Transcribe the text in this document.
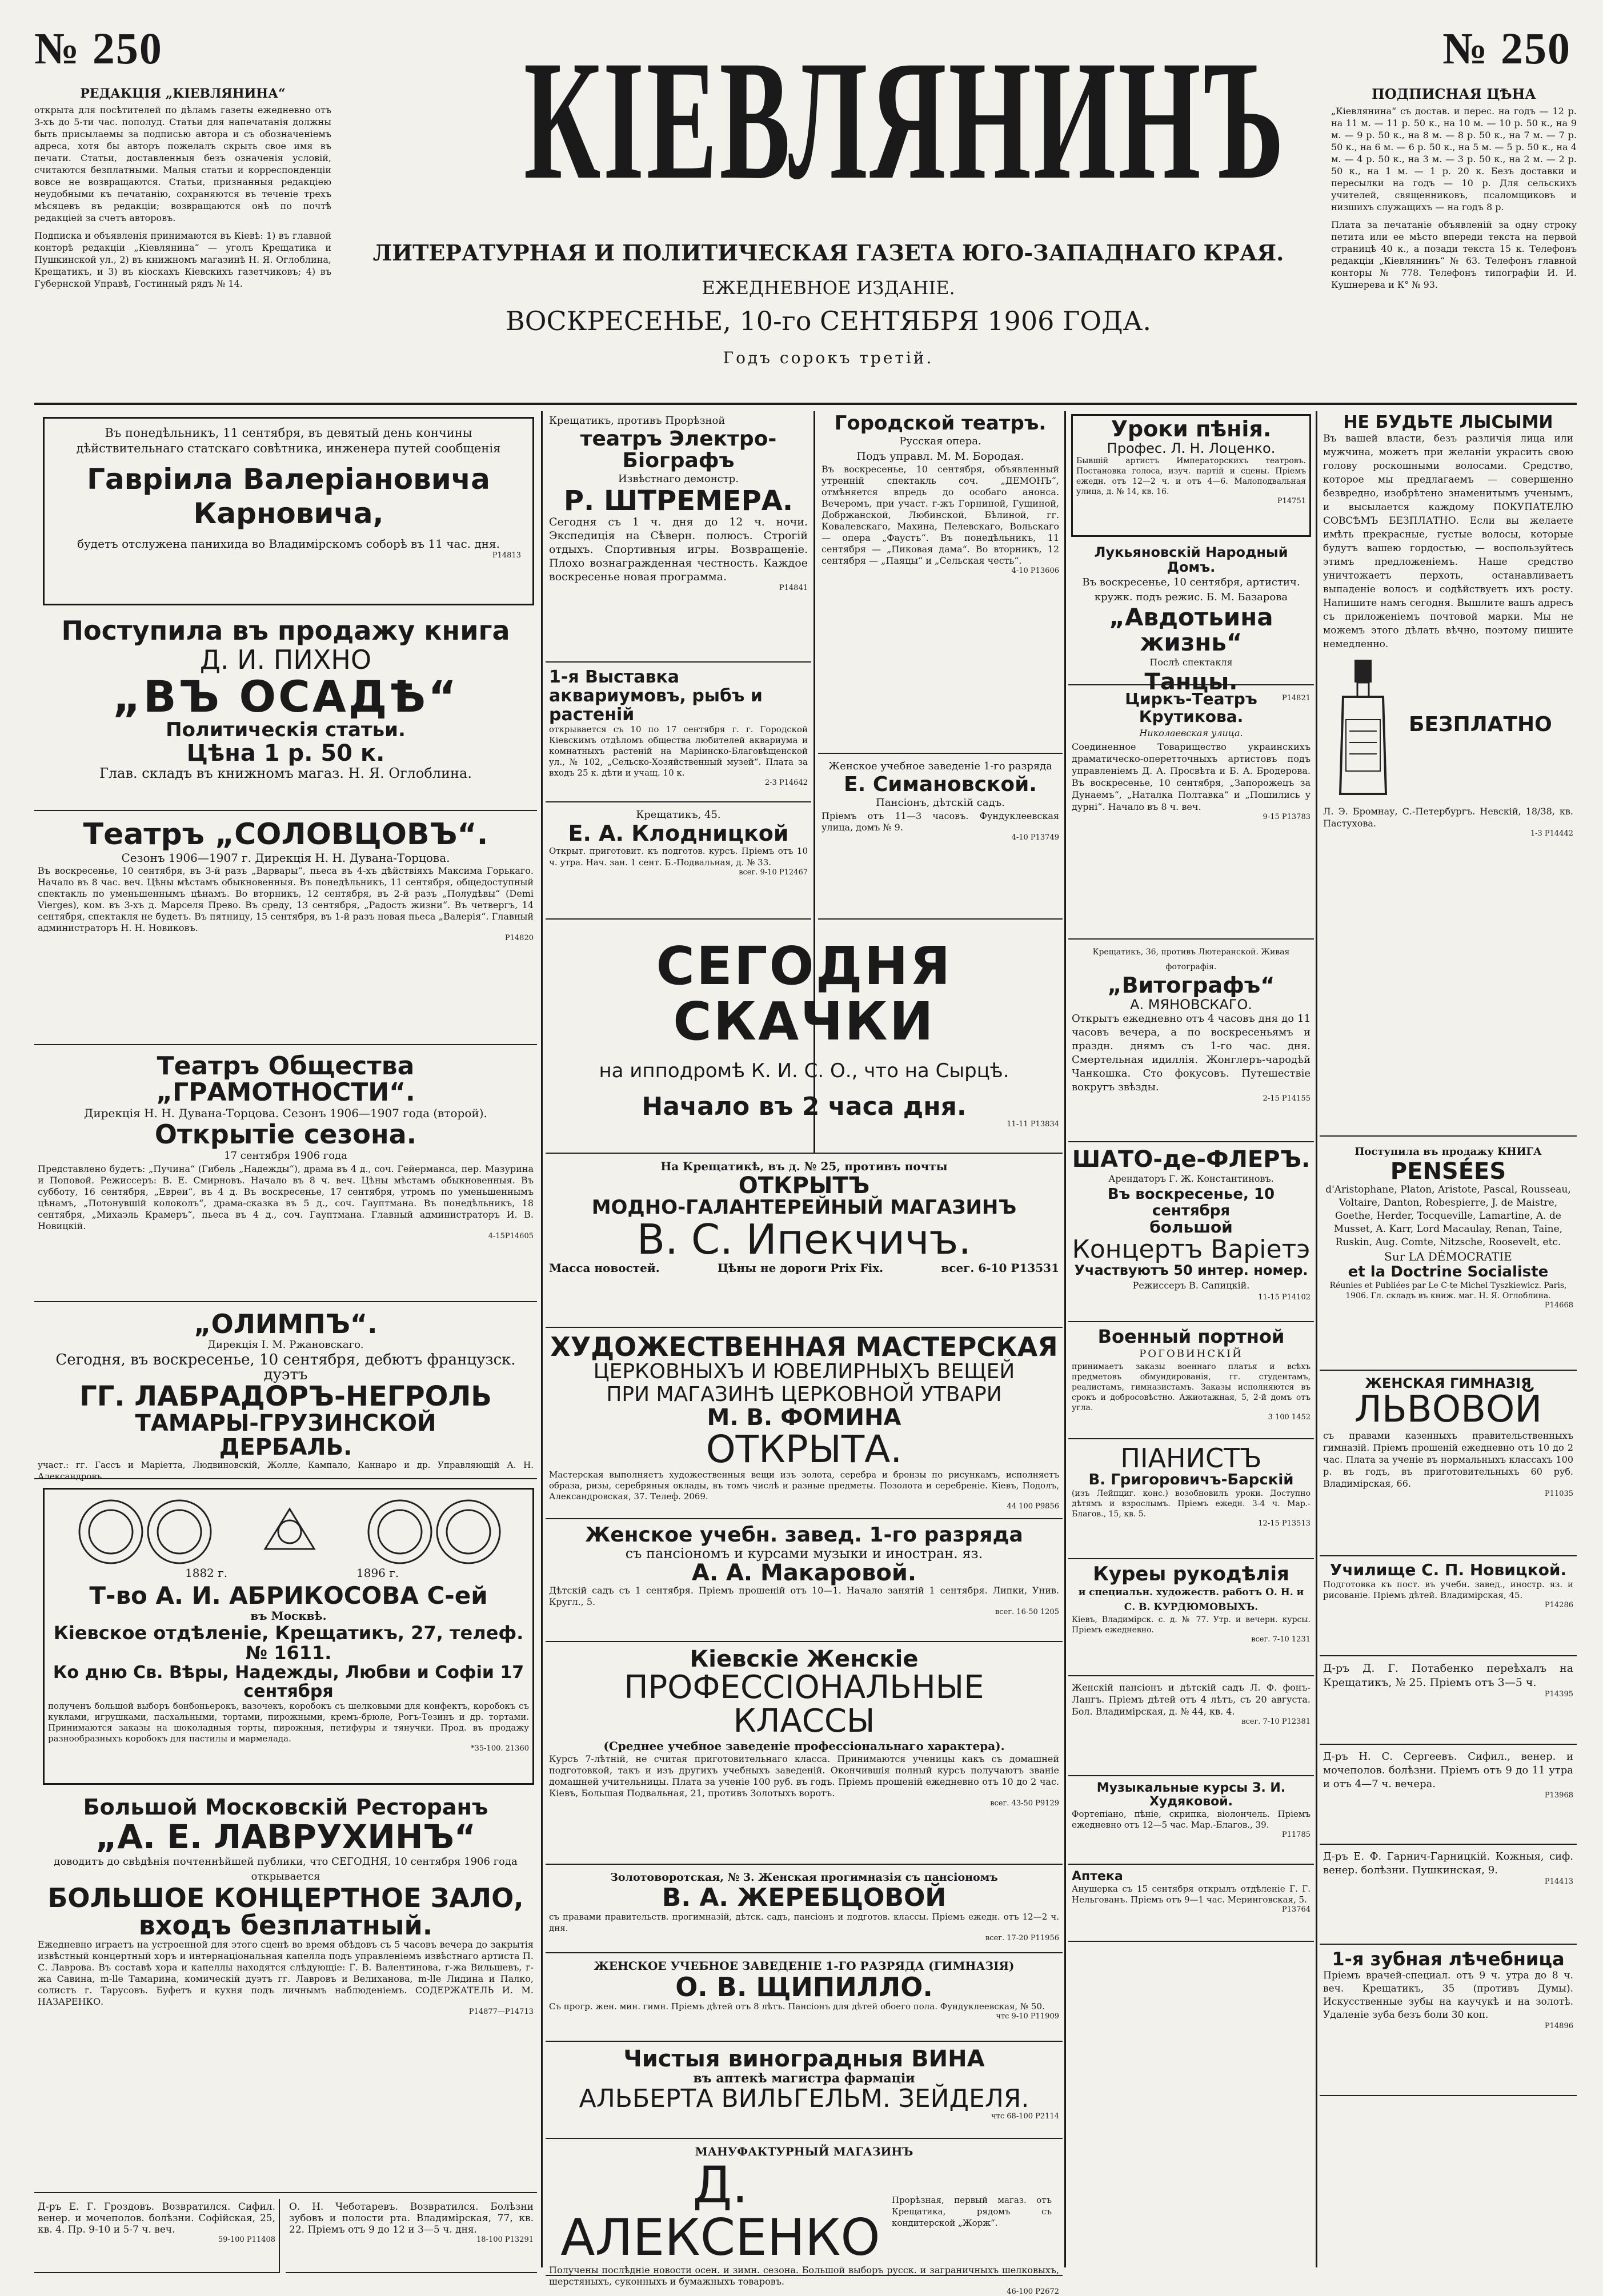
№ 250	№ 250
РЕДАКЦIЯ „КIЕВЛЯНИНА“
открыта для посѣтителей по дѣламъ газеты ежедневно отъ 3-хъ до 5-ти час. пополуд. Статьи для напечатанія должны быть присылаемы за подписью автора и съ обозначеніемъ адреса, хотя бы авторъ пожелалъ скрыть свое имя въ печати. Статьи, доставленныя безъ означенія условій, считаются безплатными. Малыя статьи и корреспонденціи вовсе не возвращаются. Статьи, признанныя редакціею неудобными къ печатанію, сохраняются въ теченіе трехъ мѣсяцевъ въ редакціи; возвращаются онѣ по почтѣ редакціей за счетъ авторовъ.
Подписка и объявленія принимаются въ Кiевѣ: 1) въ главной конторѣ редакціи „Кiевлянина“ — уголъ Крещатика и Пушкинской ул., 2) въ книжномъ магазинѣ Н. Я. Оглоблина, Крещатикъ, и 3) въ кіоскахъ Кiевскихъ газетчиковъ; 4) въ Губернской Управѣ, Гостинный рядъ № 14.
КIЕВЛЯНИНЪ
ЛИТЕРАТУРНАЯ И ПОЛИТИЧЕСКАЯ ГАЗЕТА ЮГО-ЗАПАДНАГО КРАЯ.
ЕЖЕДНЕВНОЕ ИЗДАНIЕ.
ВОСКРЕСЕНЬЕ, 10-го СЕНТЯБРЯ 1906 ГОДА.
Годъ сорокъ третiй.
ПОДПИСНАЯ ЦѢНА
„Кiевлянина“ съ достав. и перес. на годъ — 12 р. на 11 м. — 11 р. 50 к., на 10 м. — 10 р. 50 к., на 9 м. — 9 р. 50 к., на 8 м. — 8 р. 50 к., на 7 м. — 7 р. 50 к., на 6 м. — 6 р. 50 к., на 5 м. — 5 р. 50 к., на 4 м. — 4 р. 50 к., на 3 м. — 3 р. 50 к., на 2 м. — 2 р. 50 к., на 1 м. — 1 р. 20 к. Безъ доставки и пересылки на годъ — 10 р. Для сельскихъ учителей, священниковъ, псаломщиковъ и низшихъ служащихъ — на годъ 8 р.
Плата за печатаніе объявленій за одну строку петита или ее мѣсто впереди текста на первой страницѣ 40 к., а позади текста 15 к. Телефонъ редакціи „Кiевлянинъ“ № 63. Телефонъ главной конторы № 778. Телефонъ типографіи И. И. Кушнерева и К° № 93.
Въ понедѣльникъ, 11 сентября, въ девятый день кончины дѣйствительнаго статскаго совѣтника, инженера путей сообщенія
Гаврiила Валерiановича Карновича,
будетъ отслужена панихида во Владимірскомъ соборѣ въ 11 час. дня.
Р14813
Поступила въ продажу книга
Д. И. ПИХНО
„ВЪ ОСАДѢ“
Политическія статьи.
Цѣна 1 р. 50 к.
Глав. складъ въ книжномъ магаз. Н. Я. Оглоблина.
Театръ „СОЛОВЦОВЪ“.
Сезонъ 1906—1907 г. Дирекція Н. Н. Дувана-Торцова.
Въ воскресенье, 10 сентября, въ 3-й разъ „Варвары“, пьеса въ 4-хъ дѣйствіяхъ Максима Горькаго. Начало въ 8 час. веч. Цѣны мѣстамъ обыкновенныя. Въ понедѣльникъ, 11 сентября, общедоступный спектакль по уменьшеннымъ цѣнамъ. Во вторникъ, 12 сентября, въ 2-й разъ „Полудѣвы“ (Demi Vierges), ком. въ 3-хъ д. Марселя Прево. Въ среду, 13 сентября, „Радость жизни“. Въ четвергъ, 14 сентября, спектакля не будетъ. Въ пятницу, 15 сентября, въ 1-й разъ новая пьеса „Валерія“. Главный администраторъ Н. Н. Новиковъ.
Р14820
Театръ Общества „ГРАМОТНОСТИ“.
Дирекція Н. Н. Дувана-Торцова. Сезонъ 1906—1907 года (второй).
Открытiе сезона.
17 сентября 1906 года
Представлено будетъ: „Пучина“ (Гибель „Надежды“), драма въ 4 д., соч. Гейерманса, пер. Мазурина и Поповой. Режиссеръ: В. Е. Смирновъ. Начало въ 8 ч. веч. Цѣны мѣстамъ обыкновенныя. Въ субботу, 16 сентября, „Евреи“, въ 4 д. Въ воскресенье, 17 сентября, утромъ по уменьшеннымъ цѣнамъ, „Потонувшій колоколъ“, драма-сказка въ 5 д., соч. Гауптмана. Въ понедѣльникъ, 18 сентября, „Михаэль Крамеръ“, пьеса въ 4 д., соч. Гауптмана. Главный администраторъ И. В. Новицкій.
4-15Р14605
„ОЛИМПЪ“.
Дирекція І. М. Ржановскаго.
Сегодня, въ воскресенье, 10 сентября, дебютъ французск. дуэтъ
ГГ. ЛАБРАДОРЪ-НЕГРОЛЬ
ТАМАРЫ-ГРУЗИНСКОЙ
ДЕРБАЛЬ.
участ.: гг. Гассъ и Маріетта, Людвиновскій, Жолле, Кампало, Каннаро и др. Управляющій А. Н. Александровъ.
1882 г.	1896 г.
Т-во А. И. АБРИКОСОВА С-ей
въ Москвѣ.
Кiевское отдѣленiе, Крещатикъ, 27, телеф. № 1611.
Ко дню Св. Вѣры, Надежды, Любви и Софiи 17 сентября
полученъ большой выборъ бонбоньерокъ, вазочекъ, коробокъ съ шелковыми для конфектъ, коробокъ съ куклами, игрушками, пасхальными, тортами, пирожными, кремъ-брюле, Рогъ-Тезинъ и др. тортами. Принимаются заказы на шоколадныя торты, пирожныя, петифуры и тянучки. Прод. въ продажу разнообразныхъ коробокъ для пастилы и мармелада.
*35-100. 21360
Большой Московскiй Ресторанъ
„А. Е. ЛАВРУХИНЪ“
доводитъ до свѣдѣнія почтеннѣйшей публики, что СЕГОДНЯ, 10 сентября 1906 года открывается
БОЛЬШОЕ КОНЦЕРТНОЕ ЗАЛО,
входъ безплатный.
Ежедневно играетъ на устроенной для этого сценѣ во время обѣдовъ съ 5 часовъ вечера до закрытія извѣстный концертный хоръ и интернаціональная капелла подъ управленіемъ извѣстнаго артиста П. С. Лаврова. Въ составѣ хора и капеллы находятся слѣдующіе: Г. В. Валентинова, г-жа Вильшевъ, г-жа Савина, m-lle Тамарина, комическій дуэтъ гг. Лавровъ и Велиханова, m-lle Лидина и Палко, солистъ г. Тарусовъ. Буфетъ и кухня подъ личнымъ наблюденіемъ. СОДЕРЖАТЕЛЬ И. М. НАЗАРЕНКО.
Р14877—Р14713
Д-ръ Е. Г. Гроздовъ. Возвратился. Сифил. венер. и мочеполов. болѣзни. Софійская, 25, кв. 4. Пр. 9-10 и 5-7 ч. веч.
59-100 Р11408
О. Н. Чеботаревъ. Возвратился. Болѣзни зубовъ и полости рта. Владимірская, 77, кв. 22. Пріемъ отъ 9 до 12 и 3—5 ч. дня.
18-100 Р13291
Крещатикъ, противъ Прорѣзной
театръ Электро-Бiографъ
Извѣстнаго демонстр.
Р. ШТРЕМЕРА.
Сегодня съ 1 ч. дня до 12 ч. ночи. Экспедиція на Сѣверн. полюсъ. Строгій отдыхъ. Спортивныя игры. Возвращеніе. Плохо вознагражденная честность. Каждое воскресенье новая программа.
Р14841
1-я Выставка аквариумовъ, рыбъ и растенiй
открывается съ 10 по 17 сентября г. г. Городской Кiевскимъ отдѣломъ общества любителей аквариума и комнатныхъ растеній на Маріинско-Благовѣщенской ул., № 102, „Сельско-Хозяйственный музей“. Плата за входъ 25 к. дѣти и учащ. 10 к.
2-3 Р14642
Крещатикъ, 45.
Е. А. Клодницкой
Открыт. приготовит. къ подготов. курсъ. Пріемъ отъ 10 ч. утра. Нач. зан. 1 сент. Б.-Подвальная, д. № 33.
всег. 9-10 Р12467
Городской театръ.
Русская опера.
Подъ управл. М. М. Бородая.
Въ воскресенье, 10 сентября, объявленный утренній спектакль соч. „ДЕМОНЪ“, отмѣняется впредь до особаго анонса. Вечеромъ, при участ. г-жъ Горниной, Гущиной, Добржанской, Любинской, Бѣлиной, гг. Ковалевскаго, Махина, Пелевскаго, Вольскаго — опера „Фаустъ“. Въ понедѣльникъ, 11 сентября — „Пиковая дама“. Во вторникъ, 12 сентября — „Паяцы“ и „Сельская честь“.
4-10 Р13606
Женское учебное заведенiе 1-го разряда
Е. Симановской.
Пансіонъ, дѣтскій садъ.
Пріемъ отъ 11—3 часовъ. Фундуклеевская улица, домъ № 9.
4-10 Р13749
СЕГОДНЯ СКАЧКИ
на ипподромѣ К. И. С. О., что на Сырцѣ.
Начало въ 2 часа дня.
11-11 Р13834
На Крещатикѣ, въ д. № 25, противъ почты
ОТКРЫТЪ
МОДНО-ГАЛАНТЕРЕЙНЫЙ МАГАЗИНЪ
В. С. Ипекчичъ.
Масса новостей.	Цѣны не дороги Prix Fix.	всег. 6-10 Р13531
ХУДОЖЕСТВЕННАЯ МАСТЕРСКАЯ
ЦЕРКОВНЫХЪ И ЮВЕЛИРНЫХЪ ВЕЩЕЙ
ПРИ МАГАЗИНѢ ЦЕРКОВНОЙ УТВАРИ
М. В. ФОМИНА
ОТКРЫТА.
Мастерская выполняетъ художественныя вещи изъ золота, серебра и бронзы по рисункамъ, исполняетъ образа, ризы, серебряныя оклады, въ томъ числѣ и разные предметы. Позолота и серебреніе. Кiевъ, Подолъ, Александровская, 37. Телеф. 2069.
44 100 Р9856
Женское учебн. завед. 1-го разряда
съ пансiономъ и курсами музыки и иностран. яз.
А. А. Макаровой.
Дѣтскій садъ съ 1 сентября. Пріемъ прошеній отъ 10—1. Начало занятій 1 сентября. Липки, Унив. Кругл., 5.
всег. 16-50 1205
Кiевскiе Женскiе
ПРОФЕССIОНАЛЬНЫЕ КЛАССЫ
(Среднее учебное заведенiе профессiональнаго характера).
Курсъ 7-лѣтній, не считая приготовительнаго класса. Принимаются ученицы какъ съ домашней подготовкой, такъ и изъ другихъ учебныхъ заведеній. Окончившія полный курсъ получаютъ званіе домашней учительницы. Плата за ученіе 100 руб. въ годъ. Пріемъ прошеній ежедневно отъ 10 до 2 час. Кiевъ, Большая Подвальная, 21, противъ Золотыхъ воротъ.
всег. 43-50 Р9129
Золотоворотская, № 3. Женская прогимназія съ пансіономъ
В. А. ЖЕРЕБЦОВОЙ
съ правами правительств. прогимназій, дѣтск. садъ, пансіонъ и подготов. классы. Пріемъ ежедн. отъ 12—2 ч. дня.
всег. 17-20 Р11956
ЖЕНСКОЕ УЧЕБНОЕ ЗАВЕДЕНIЕ 1-ГО РАЗРЯДА (ГИМНАЗIЯ)
О. В. ЩИПИЛЛО.
Съ прогр. жен. мин. гимн. Пріемъ дѣтей отъ 8 лѣтъ. Пансіонъ для дѣтей обоего пола. Фундуклеевская, № 50.
чтс 9-10 Р11909
Чистыя виноградныя ВИНА
въ аптекѣ магистра фармацiи
АЛЬБЕРТА ВИЛЬГЕЛЬМ. ЗЕЙДЕЛЯ.
чтс 68-100 Р2114
МАНУФАКТУРНЫЙ МАГАЗИНЪ
Д. АЛЕКСЕНКО
Прорѣзная, первый магаз. отъ Крещатика, рядомъ съ кондитерской „Жорж“.
Получены послѣдніе новости осен. и зимн. сезона. Большой выборъ русск. и заграничныхъ шелковыхъ, шерстяныхъ, суконныхъ и бумажныхъ товаровъ.
46-100 Р2672
Уроки пѣнiя.
Профес. Л. Н. Лоценко.
Бывшій артистъ Императорскихъ театровъ. Постановка голоса, изуч. партій и сцены. Пріемъ ежедн. отъ 12—2 ч. и отъ 4—6. Малоподвальная улица, д. № 14, кв. 16.
Р14751
Лукьяновскiй Народный Домъ.
Въ воскресенье, 10 сентября, артистич. кружк. подъ режис. Б. М. Базарова
„Авдотьина жизнь“
Послѣ спектакля
Танцы.
Р14821
Циркъ-Театръ Крутикова.
Николаевская улица.
Соединенное Товарищество украинскихъ драматическо-оперетточныхъ артистовъ подъ управленіемъ Д. А. Просвѣта и Б. А. Бродерова. Въ воскресенье, 10 сентября, „Запорожецъ за Дунаемъ“, „Наталка Полтавка“ и „Пошились у дурнi“. Начало въ 8 ч. веч.
9-15 Р13783
Крещатикъ, 36, противъ Лютеранской. Живая фотографія.
„Витографъ“
А. МЯНОВСКАГО.
Открытъ ежедневно отъ 4 часовъ дня до 11 часовъ вечера, а по воскресеньямъ и праздн. днямъ съ 1-го час. дня. Смертельная идиллія. Жонглеръ-чародѣй Чанкошка. Сто фокусовъ. Путешествіе вокругъ звѣзды.
2-15 Р14155
ШАТО-де-ФЛЕРЪ.
Арендаторъ Г. Ж. Константиновъ.
Въ воскресенье, 10 сентября
большой
Концертъ Варiетэ
Участвуютъ 50 интер. номер.
Режиссеръ В. Сапицкій.
11-15 Р14102
Военный портной
РОГОВИНСКІЙ
принимаетъ заказы военнаго платья и всѣхъ предметовъ обмундированія, гг. студентамъ, реалистамъ, гимназистамъ. Заказы исполняются въ срокъ и добросовѣстно. Ажиотажная, 5, 2-й домъ отъ угла.
3 100 1452
ПIАНИСТЪ
В. Григоровичъ-Барскiй
(изъ Лейпциг. конс.) возобновилъ уроки. Доступно дѣтямъ и взрослымъ. Пріемъ ежедн. 3-4 ч. Мар.-Благов., 15, кв. 5.
12-15 Р13513
Куреы рукодѣлiя
и специальн. художеств. работъ О. Н. и С. В. КУРДЮМОВЫХЪ.
Кiевъ, Владимірск. с. д. № 77. Утр. и вечерн. курсы. Пріемъ ежедневно.
всег. 7-10 1231
Женскій пансіонъ и дѣтскій садъ Л. Ф. фонъ-Лангъ. Пріемъ дѣтей отъ 4 лѣтъ, съ 20 августа. Бол. Владимірская, д. № 44, кв. 4.
всег. 7-10 Р12381
Музыкальные курсы З. И. Худяковой.
Фортепіано, пѣніе, скрипка, віолончель. Пріемъ ежедневно отъ 12—5 час. Мар.-Благов., 39.
Р11785
Аптека
Анушерка съ 15 сентября открылъ отдѣленіе Г. Г. Нельгованъ. Пріемъ отъ 9—1 час. Меринговская, 5.
Р13764
НЕ БУДЬТЕ ЛЫСЫМИ
Въ вашей власти, безъ различія лица или мужчина, можетъ при желаніи украсить свою голову роскошными волосами. Средство, которое мы предлагаемъ — совершенно безвредно, изобрѣтено знаменитымъ ученымъ, и высылается каждому ПОКУПАТЕЛЮ СОВСѢМЪ БЕЗПЛАТНО. Если вы желаете имѣть прекрасные, густые волосы, которые будутъ вашею гордостью, — воспользуйтесь этимъ предложеніемъ. Наше средство уничтожаетъ перхоть, останавливаетъ выпаденіе волосъ и содѣйствуетъ ихъ росту. Напишите намъ сегодня. Вышлите вашъ адресъ съ приложеніемъ почтовой марки. Мы не можемъ этого дѣлать вѣчно, поэтому пишите немедленно.
БЕЗПЛАТНО
Л. Э. Бромнау, С.-Петербургъ. Невскій, 18/38, кв. Пастухова.
1-3 Р14442
Поступила въ продажу КНИГА
PENSÉES
d'Aristophane, Platon, Aristote, Pascal, Rousseau, Voltaire, Danton, Robespierre, J. de Maistre, Goethe, Herder, Tocqueville, Lamartine, A. de Musset, A. Karr, Lord Macaulay, Renan, Taine, Ruskin, Aug. Comte, Nitzsche, Roosevelt, etc.
Sur LA DÉMOCRATIE
et la Doctrine Socialiste
Réunies et Publiées par Le C-te Michel Tyszkiewicz. Paris, 1906. Гл. складъ въ книж. маг. Н. Я. Оглоблина.
Р14668
ЖЕНСКАЯ ГИМНАЗIЯ
ЛЬВОВОЙ
съ правами казенныхъ правительственныхъ гимназій. Пріемъ прошеній ежедневно отъ 10 до 2 час. Плата за ученіе въ нормальныхъ классахъ 100 р. въ годъ, въ приготовительныхъ 60 руб. Владимірская, 66.
Р11035
Училище С. П. Новицкой.
Подготовка къ пост. въ учебн. завед., иностр. яз. и рисованіе. Пріемъ дѣтей. Владимірская, 45.
Р14286
Д-ръ Д. Г. Потабенко переѣхалъ на Крещатикъ, № 25. Пріемъ отъ 3—5 ч.
Р14395
Д-ръ Н. С. Сергеевъ. Сифил., венер. и мочеполов. болѣзни. Пріемъ отъ 9 до 11 утра и отъ 4—7 ч. вечера.
Р13968
Д-ръ Е. Ф. Гарнич-Гарницкiй. Кожныя, сиф. венер. болѣзни. Пушкинская, 9.
Р14413
1-я зубная лѣчебница
Пріемъ врачей-специал. отъ 9 ч. утра до 8 ч. веч. Крещатикъ, 35 (противъ Думы). Искусственные зубы на каучукѣ и на золотѣ. Удаленіе зуба безъ боли 30 коп.
Р14896
